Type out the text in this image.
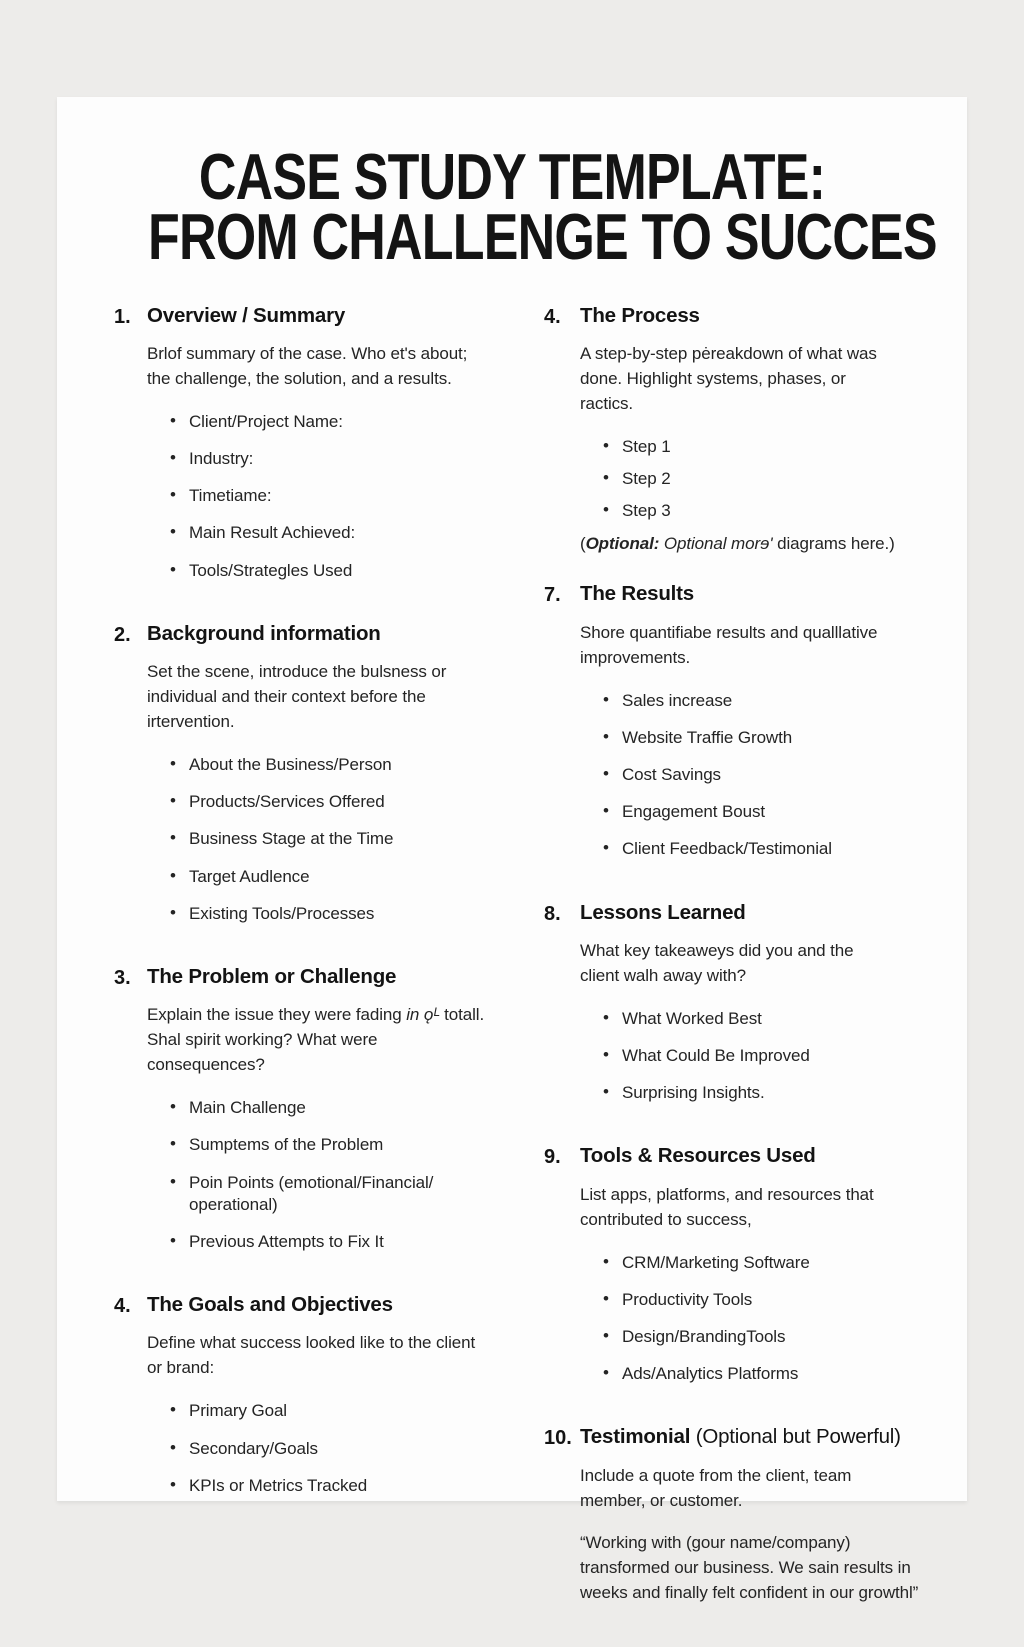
CASE STUDY TEMPLATE:
FROM CHALLENGE TO SUCCES
1. Overview / Summary

Brlof summary of the case. Who et's about; the challenge, the solution, and a results.

• Client/Project Name:
• Industry:
• Timetiame:
• Main Result Achieved:
• Tools/Strategles Used
2. Background information

Set the scene, introduce the bulsness or individual and their context before the irtervention.

• About the Business/Person
• Products/Services Offered
• Business Stage at the Time
• Target Audlence
• Existing Tools/Processes
3. The Problem or Challenge

Explain the issue they were fading in ǫᴸ totall. Shal spirit working? What were consequences?

• Main Challenge
• Sumptems of the Problem
• Poin Points (emotional/Financial/ operational)
• Previous Attempts to Fix It
4. The Goals and Objectives

Define what success looked like to the client or brand:

• Primary Goal
• Secondary/Goals
• KPIs or Metrics Tracked
4. The Process

A step-by-step pėreakdown of what was done. Highlight systems, phases, or ractics.

• Step 1
• Step 2
• Step 3

(Optional: Optional morɘ' diagrams here.)

7. The Results

Shore quantifiabe results and qualllative improvements.

• Sales increase
• Website Traffie Growth
• Cost Savings
• Engagement Boust
• Client Feedback/Testimonial
8. Lessons Learned

What key takeaweys did you and the client walh away with?

• What Worked Best
• What Could Be Improved
• Surprising Insights.
9. Tools & Resources Used

List apps, platforms, and resources that contributed to success,

• CRM/Marketing Software
• Productivity Tools
• Design/BrandingTools
• Ads/Analytics Platforms
10. Testimonial (Optional but Powerful)

Include a quote from the client, team member, or customer.

“Working with (gour name/company) transformed our business. We sain results in weeks and finally felt confident in our growthl”
